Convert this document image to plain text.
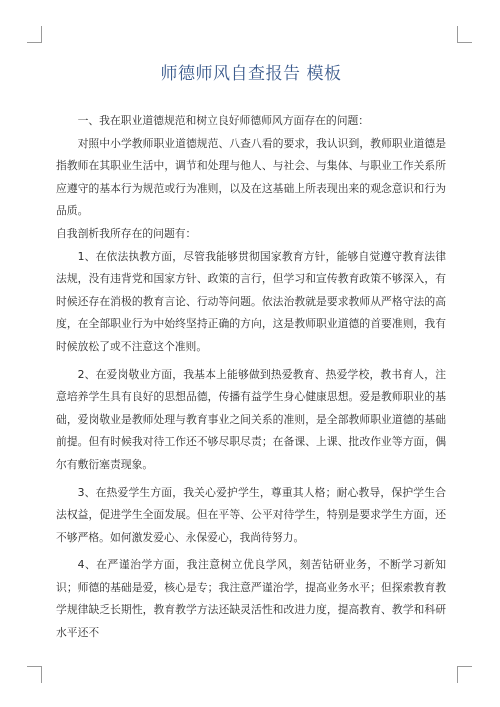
师德师风自查报告 模板

一、我在职业道德规范和树立良好师德师风方面存在的问题：

对照中小学教师职业道德规范、八查八看的要求，我认识到，教师职业道德是指教师在其职业生活中，调节和处理与他人、与社会、与集体、与职业工作关系所应遵守的基本行为规范或行为准则，以及在这基础上所表现出来的观念意识和行为品质。

自我剖析我所存在的问题有：

1、在依法执教方面，尽管我能够贯彻国家教育方针，能够自觉遵守教育法律法规，没有违背党和国家方针、政策的言行，但学习和宣传教育政策不够深入，有时候还存在消极的教育言论、行动等问题。依法治教就是要求教师从严格守法的高度，在全部职业行为中始终坚持正确的方向，这是教师职业道德的首要准则，我有时候放松了或不注意这个准则。

2、在爱岗敬业方面，我基本上能够做到热爱教育、热爱学校，教书育人，注意培养学生具有良好的思想品德，传播有益学生身心健康思想。爱是教师职业的基础，爱岗敬业是教师处理与教育事业之间关系的准则，是全部教师职业道德的基础前提。但有时候我对待工作还不够尽职尽责；在备课、上课、批改作业等方面，偶尔有敷衍塞责现象。

3、在热爱学生方面，我关心爱护学生，尊重其人格；耐心教导，保护学生合法权益，促进学生全面发展。但在平等、公平对待学生，特别是要求学生方面，还不够严格。如何激发爱心、永保爱心，我尚待努力。

4、在严谨治学方面，我注意树立优良学风，刻苦钻研业务，不断学习新知识；师德的基础是爱，核心是专；我注意严谨治学，提高业务水平；但探索教育教学规律缺乏长期性，教育教学方法还缺灵活性和改进力度，提高教育、教学和科研水平还不
